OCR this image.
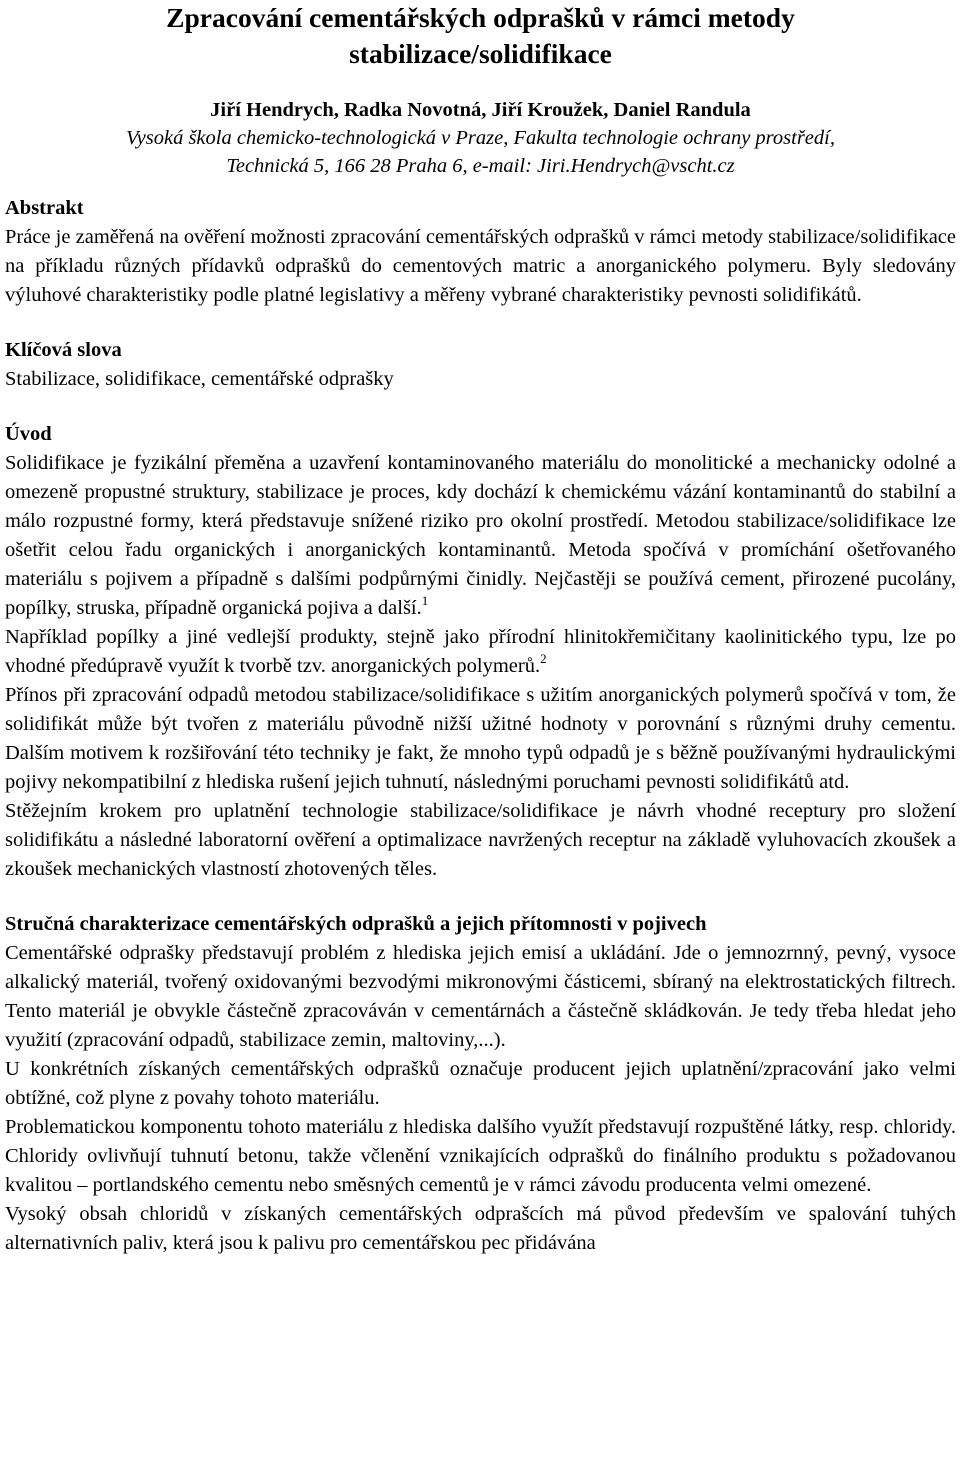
Zpracování cementářských odprašků v rámci metody
stabilizace/solidifikace
Jiří Hendrych, Radka Novotná, Jiří Kroužek, Daniel Randula
Vysoká škola chemicko-technologická v Praze, Fakulta technologie ochrany prostředí,
Technická 5, 166 28 Praha 6, e-mail: Jiri.Hendrych@vscht.cz
Abstrakt

Práce je zaměřená na ověření možnosti zpracování cementářských odprašků v rámci metody stabilizace/solidifikace na příkladu různých přídavků odprašků do cementových matric a anorganického polymeru. Byly sledovány výluhové charakteristiky podle platné legislativy a měřeny vybrané charakteristiky pevnosti solidifikátů.

Klíčová slova

Stabilizace, solidifikace, cementářské odprašky

Úvod

Solidifikace je fyzikální přeměna a uzavření kontaminovaného materiálu do monolitické a mechanicky odolné a omezeně propustné struktury, stabilizace je proces, kdy dochází k chemickému vázání kontaminantů do stabilní a málo rozpustné formy, která představuje snížené riziko pro okolní prostředí. Metodou stabilizace/solidifikace lze ošetřit celou řadu organických i anorganických kontaminantů. Metoda spočívá v promíchání ošetřovaného materiálu s pojivem a případně s dalšími podpůrnými činidly. Nejčastěji se používá cement, přirozené pucolány, popílky, struska, případně organická pojiva a další.$^1$

Například popílky a jiné vedlejší produkty, stejně jako přírodní hlinitokřemičitany kaolinitického typu, lze po vhodné předúpravě využít k tvorbě tzv. anorganických polymerů.$^2$

Přínos při zpracování odpadů metodou stabilizace/solidifikace s užitím anorganických polymerů spočívá v tom, že solidifikát může být tvořen z materiálu původně nižší užitné hodnoty v porovnání s různými druhy cementu. Dalším motivem k rozšiřování této techniky je fakt, že mnoho typů odpadů je s běžně používanými hydraulickými pojivy nekompatibilní z hlediska rušení jejich tuhnutí, následnými poruchami pevnosti solidifikátů atd.

Stěžejním krokem pro uplatnění technologie stabilizace/solidifikace je návrh vhodné receptury pro složení solidifikátu a následné laboratorní ověření a optimalizace navržených receptur na základě vyluhovacích zkoušek a zkoušek mechanických vlastností zhotovených těles.

Stručná charakterizace cementářských odprašků a jejich přítomnosti v pojivech

Cementářské odprašky představují problém z hlediska jejich emisí a ukládání. Jde o jemnozrnný, pevný, vysoce alkalický materiál, tvořený oxidovanými bezvodými mikronovými částicemi, sbíraný na elektrostatických filtrech. Tento materiál je obvykle částečně zpracováván v cementárnách a částečně skládkován. Je tedy třeba hledat jeho využití (zpracování odpadů, stabilizace zemin, maltoviny,...).

U konkrétních získaných cementářských odprašků označuje producent jejich uplatnění/zpracování jako velmi obtížné, což plyne z povahy tohoto materiálu.

Problematickou komponentu tohoto materiálu z hlediska dalšího využít představují rozpuštěné látky, resp. chloridy. Chloridy ovlivňují tuhnutí betonu, takže včlenění vznikajících odprašků do finálního produktu s požadovanou kvalitou – portlandského cementu nebo směsných cementů je v rámci závodu producenta velmi omezené.

Vysoký obsah chloridů v získaných cementářských odprašcích má původ především ve spalování tuhých alternativních paliv, která jsou k palivu pro cementářskou pec přidávána
